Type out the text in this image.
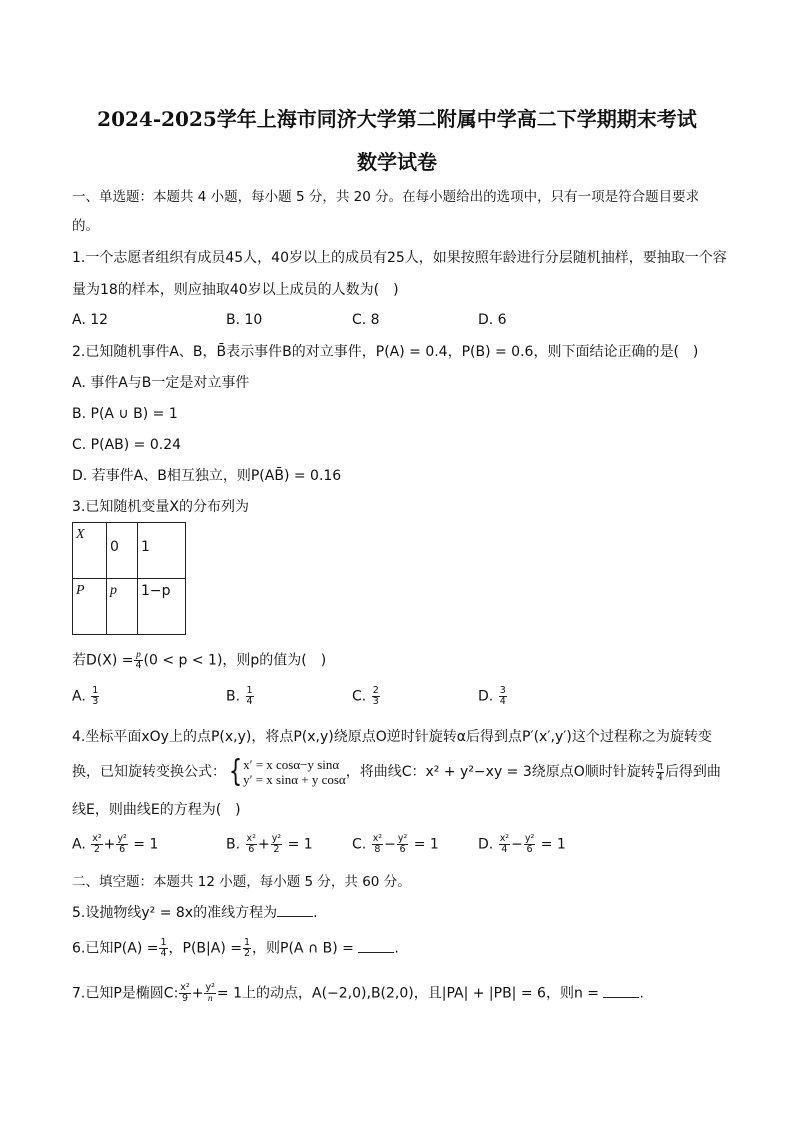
2024-2025学年上海市同济大学第二附属中学高二下学期期末考试
数学试卷
一、单选题：本题共 4 小题，每小题 5 分，共 20 分。在每小题给出的选项中，只有一项是符合题目要求
的。
1.一个志愿者组织有成员45人，40岁以上的成员有25人，如果按照年龄进行分层随机抽样，要抽取一个容
量为18的样本，则应抽取40岁以上成员的人数为(　)
A. 12	B. 10	C. 8	D. 6
2.已知随机事件A、B，B̄表示事件B的对立事件，P(A) = 0.4，P(B) = 0.6，则下面结论正确的是(　)
A. 事件A与B一定是对立事件
B. P(A ∪ B) = 1
C. P(AB) = 0.24
D. 若事件A、B相互独立，则P(AB̄) = 0.16
3.已知随机变量X的分布列为
X	0	1

P	p	1−p
若$D(X) = \frac{p}{4} (0 < p < 1)$，则p的值为(　)
A. $\frac{1}{3}$	B. $\frac{1}{4}$	C. $\frac{2}{3}$	D. $\frac{3}{4}$
4.坐标平面xOy上的点P(x,y)，将点P(x,y)绕原点O逆时针旋转α后得到点P′(x′,y′)这个过程称之为旋转变
换，已知旋转变换公式：{ x′ = x cosα−y sinα
y′ = x sinα + y cosα ，将曲线C：x² + y²−xy = 3绕原点O顺时针旋转 $\frac{\pi}{4}$ 后得到曲
线E，则曲线E的方程为(　)
A. $\frac{\text{x²}}{2} + \frac{\text{y²}}{6} = 1$	B. $\frac{\text{x²}}{6} + \frac{\text{y²}}{2} = 1$	C. $\frac{\text{x²}}{8} - \frac{\text{y²}}{6} = 1$	D. $\frac{\text{x²}}{4} - \frac{\text{y²}}{6} = 1$
二、填空题：本题共 12 小题，每小题 5 分，共 60 分。
5.设抛物线y² = 8x的准线方程为	.
6.已知$P(A) = \frac{1}{4}$ ，$P(B|A) = \frac{1}{2}$ ，则P(A ∩ B) =	.
7.已知P是椭圆C: $\frac{\text{x²}}{9} + \frac{\text{y²}}{n} = 1$上的动点，A(−2,0),B(2,0)，且|PA| + |PB| = 6，则n =	.
